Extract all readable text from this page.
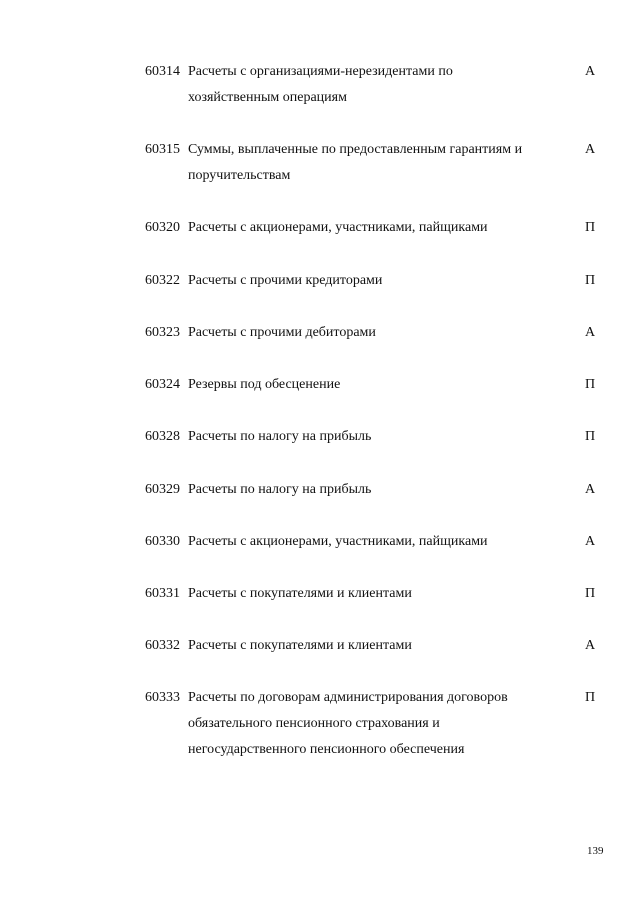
60314 Расчеты с организациями-нерезидентами по
хозяйственным операциям
А
60315 Суммы, выплаченные по предоставленным гарантиям и
поручительствам
А
60320 Расчеты с акционерами, участниками, пайщиками	П
60322 Расчеты с прочими кредиторами	П
60323 Расчеты с прочими дебиторами	А
60324 Резервы под обесценение	П
60328 Расчеты по налогу на прибыль	П
60329 Расчеты по налогу на прибыль	А
60330 Расчеты с акционерами, участниками, пайщиками	А
60331 Расчеты с покупателями и клиентами	П
60332 Расчеты с покупателями и клиентами	А
60333 Расчеты по договорам администрирования договоров
обязательного пенсионного страхования и
негосударственного пенсионного обеспечения
П
139
